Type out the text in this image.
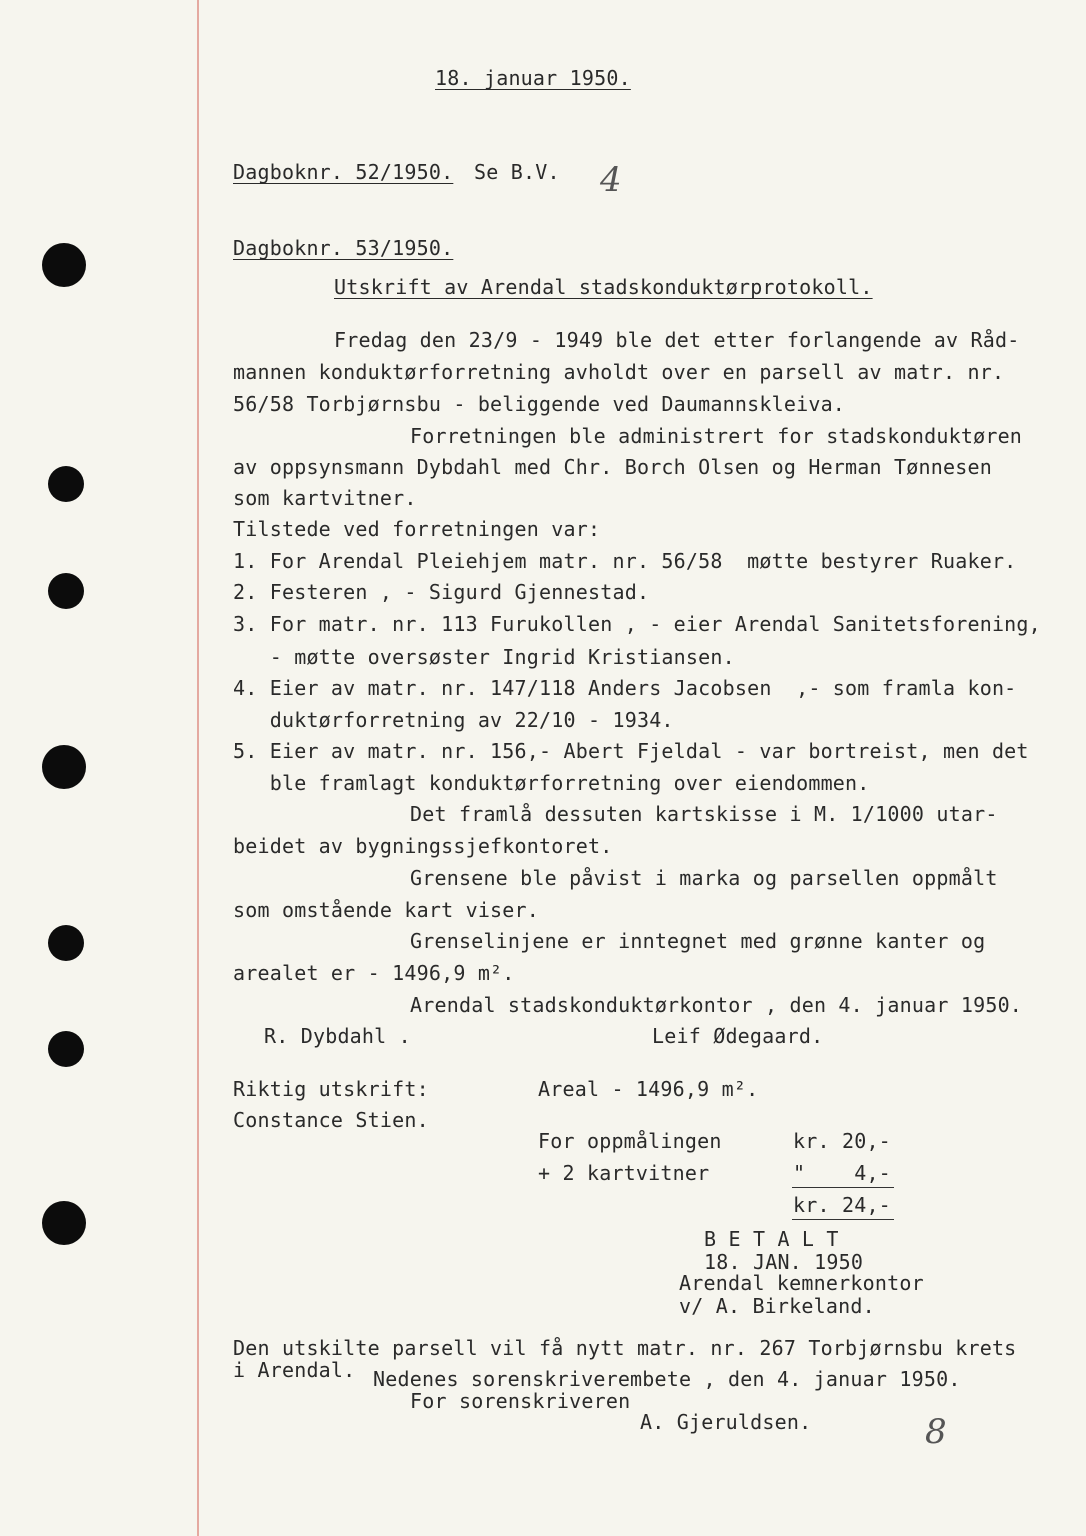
18. januar 1950.
Dagboknr. 52/1950. Se B.V. 4
Dagboknr. 53/1950.
Utskrift av Arendal stadskonduktørprotokoll.
Fredag den 23/9 - 1949 ble det etter forlangende av Råd-
mannen konduktørforretning avholdt over en parsell av matr. nr.
56/58 Torbjørnsbu - beliggende ved Daumannskleiva.
Forretningen ble administrert for stadskonduktøren
av oppsynsmann Dybdahl med Chr. Borch Olsen og Herman Tønnesen
som kartvitner.
Tilstede ved forretningen var:
1. For Arendal Pleiehjem matr. nr. 56/58  møtte bestyrer Ruaker.
2. Festeren , - Sigurd Gjennestad.
3. For matr. nr. 113 Furukollen , - eier Arendal Sanitetsforening,
- møtte oversøster Ingrid Kristiansen.
4. Eier av matr. nr. 147/118 Anders Jacobsen  ,- som framla kon-
duktørforretning av 22/10 - 1934.
5. Eier av matr. nr. 156,- Abert Fjeldal - var bortreist, men det
ble framlagt konduktørforretning over eiendommen.
Det framlå dessuten kartskisse i M. 1/1000 utar-
beidet av bygningssjefkontoret.
Grensene ble påvist i marka og parsellen oppmålt
som omstående kart viser.
Grenselinjene er inntegnet med grønne kanter og
arealet er - 1496,9 m².
Arendal stadskonduktørkontor , den 4. januar 1950.
R. Dybdahl .	Leif Ødegaard.
Riktig utskrift:	Areal - 1496,9 m².
Constance Stien.
For oppmålingen	kr. 20,-
+ 2 kartvitner	"    4,-
kr. 24,-
B E T A L T
18. JAN. 1950
Arendal kemnerkontor
v/ A. Birkeland.
Den utskilte parsell vil få nytt matr. nr. 267 Torbjørnsbu krets
i Arendal. Nedenes sorenskriverembete , den 4. januar 1950.
For sorenskriveren
A. Gjeruldsen.	8
